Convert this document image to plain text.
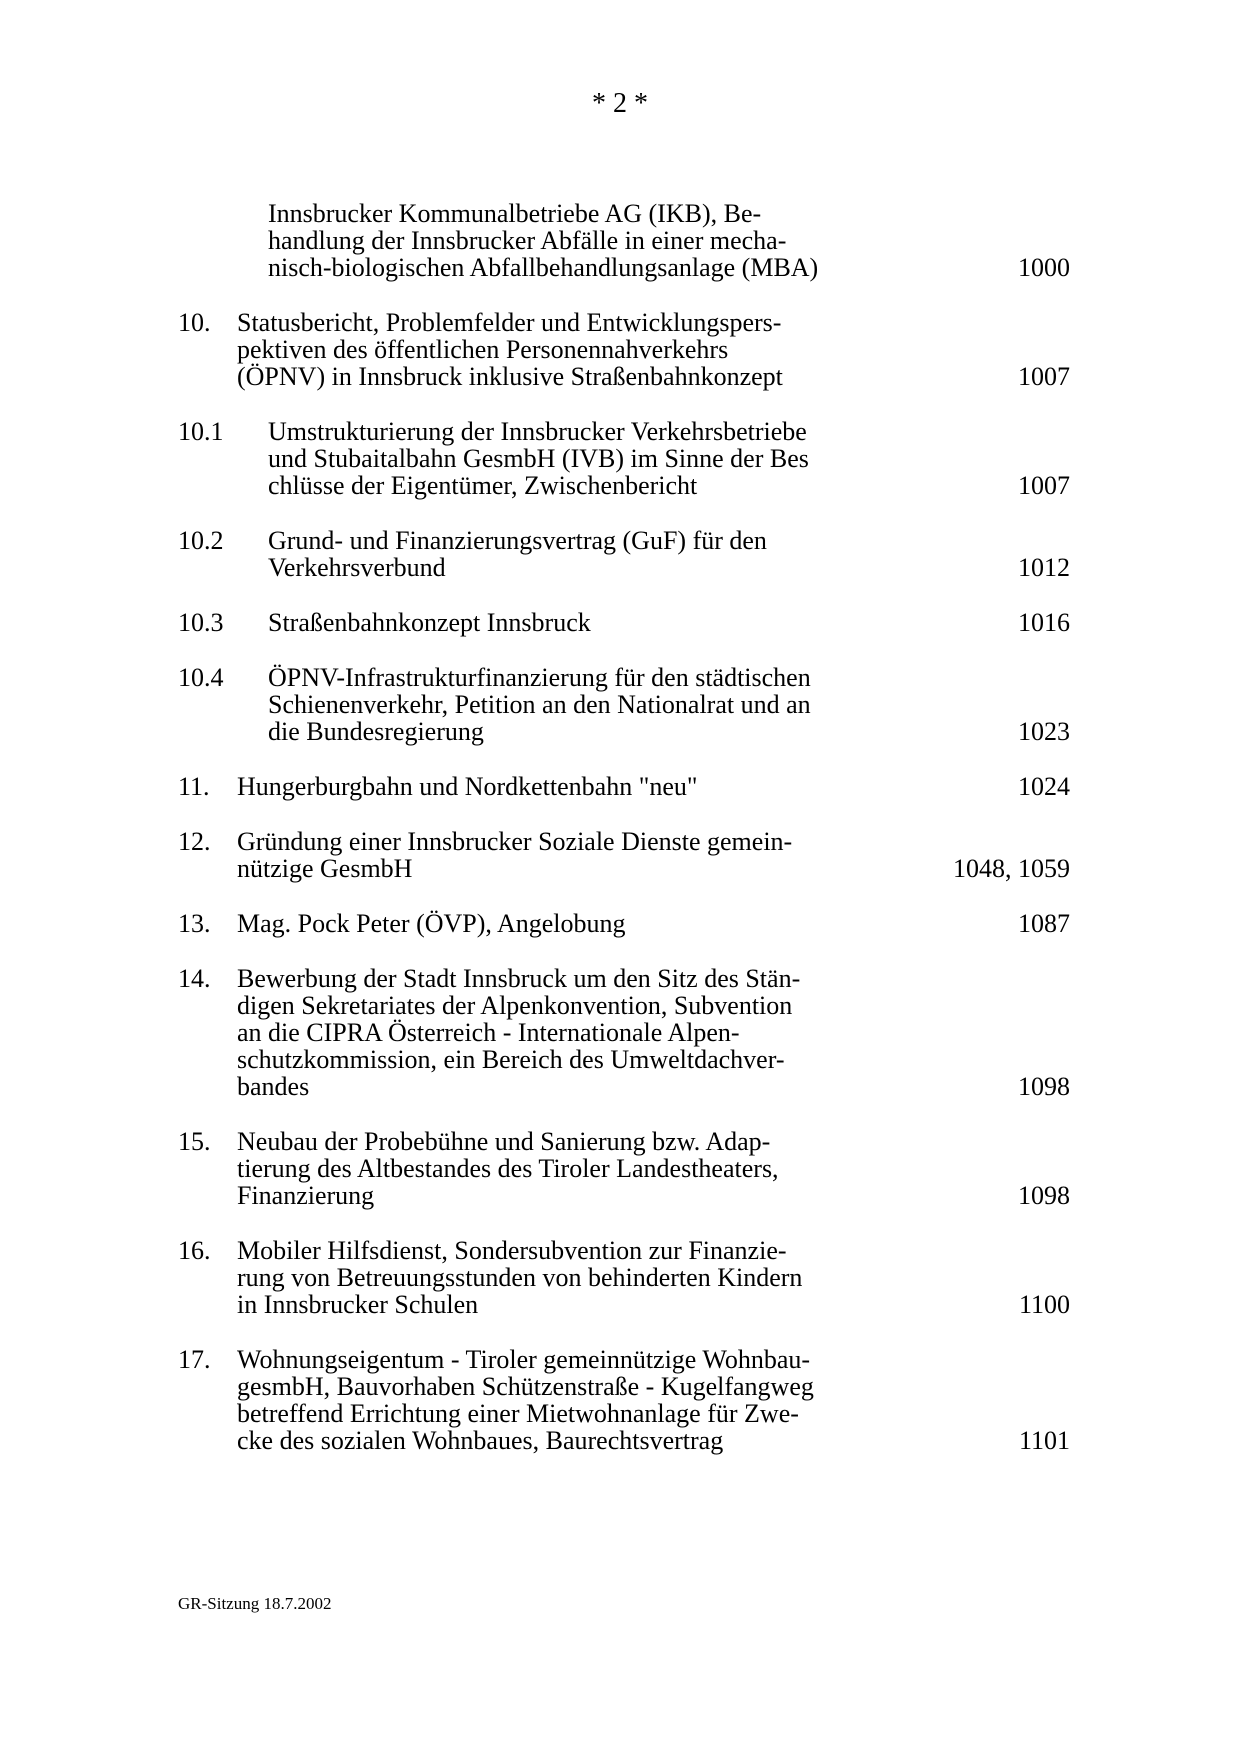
* 2 *
Innsbrucker Kommunalbetriebe AG (IKB), Be-
handlung der Innsbrucker Abfälle in einer mecha-
nisch-biologischen Abfallbehandlungsanlage (MBA)	1000
10. Statusbericht, Problemfelder und Entwicklungspers-
pektiven des öffentlichen Personennahverkehrs
(ÖPNV) in Innsbruck inklusive Straßenbahnkonzept	1007
10.1 Umstrukturierung der Innsbrucker Verkehrsbetriebe
und Stubaitalbahn GesmbH (IVB) im Sinne der Bes
chlüsse der Eigentümer, Zwischenbericht	1007
10.2 Grund- und Finanzierungsvertrag (GuF) für den
Verkehrsverbund	1012
10.3 Straßenbahnkonzept Innsbruck	1016
10.4 ÖPNV-Infrastrukturfinanzierung für den städtischen
Schienenverkehr, Petition an den Nationalrat und an
die Bundesregierung	1023
11. Hungerburgbahn und Nordkettenbahn "neu"	1024
12. Gründung einer Innsbrucker Soziale Dienste gemein-
nützige GesmbH	1048, 1059
13. Mag. Pock Peter (ÖVP), Angelobung	1087
14. Bewerbung der Stadt Innsbruck um den Sitz des Stän-
digen Sekretariates der Alpenkonvention, Subvention
an die CIPRA Österreich - Internationale Alpen-
schutzkommission, ein Bereich des Umweltdachver-
bandes	1098
15. Neubau der Probebühne und Sanierung bzw. Adap-
tierung des Altbestandes des Tiroler Landestheaters,
Finanzierung	1098
16. Mobiler Hilfsdienst, Sondersubvention zur Finanzie-
rung von Betreuungsstunden von behinderten Kindern
in Innsbrucker Schulen	1100
17. Wohnungseigentum - Tiroler gemeinnützige Wohnbau-
gesmbH, Bauvorhaben Schützenstraße - Kugelfangweg
betreffend Errichtung einer Mietwohnanlage für Zwe-
cke des sozialen Wohnbaues, Baurechtsvertrag	1101
GR-Sitzung 18.7.2002
